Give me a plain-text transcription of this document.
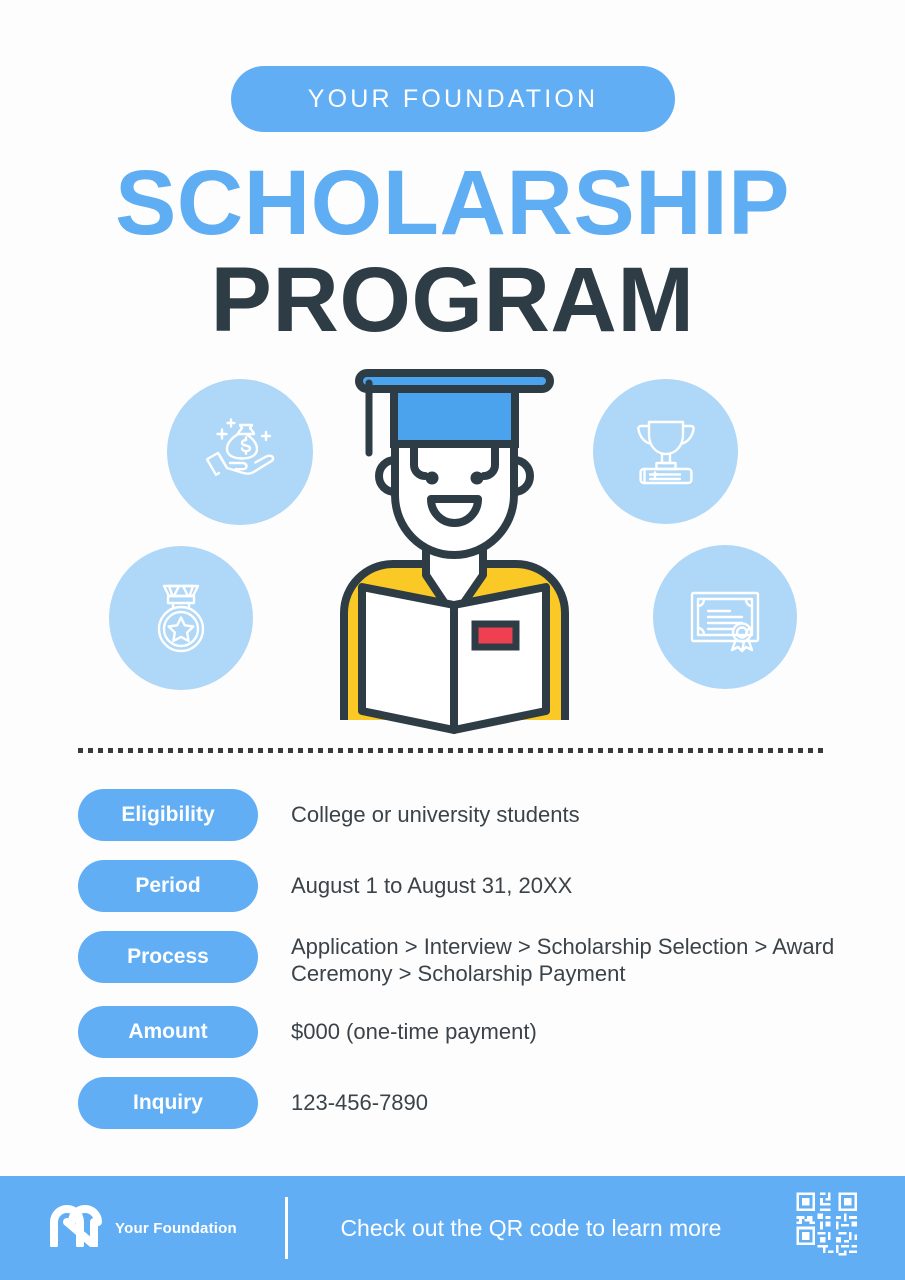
YOUR FOUNDATION
SCHOLARSHIP
PROGRAM
Eligibility	College or university students
Period	August 1 to August 31, 20XX
Process	Application > Interview > Scholarship Selection > Award Ceremony > Scholarship Payment
Amount	$000 (one-time payment)
Inquiry	123-456-7890
Your Foundation	Check out the QR code to learn more
